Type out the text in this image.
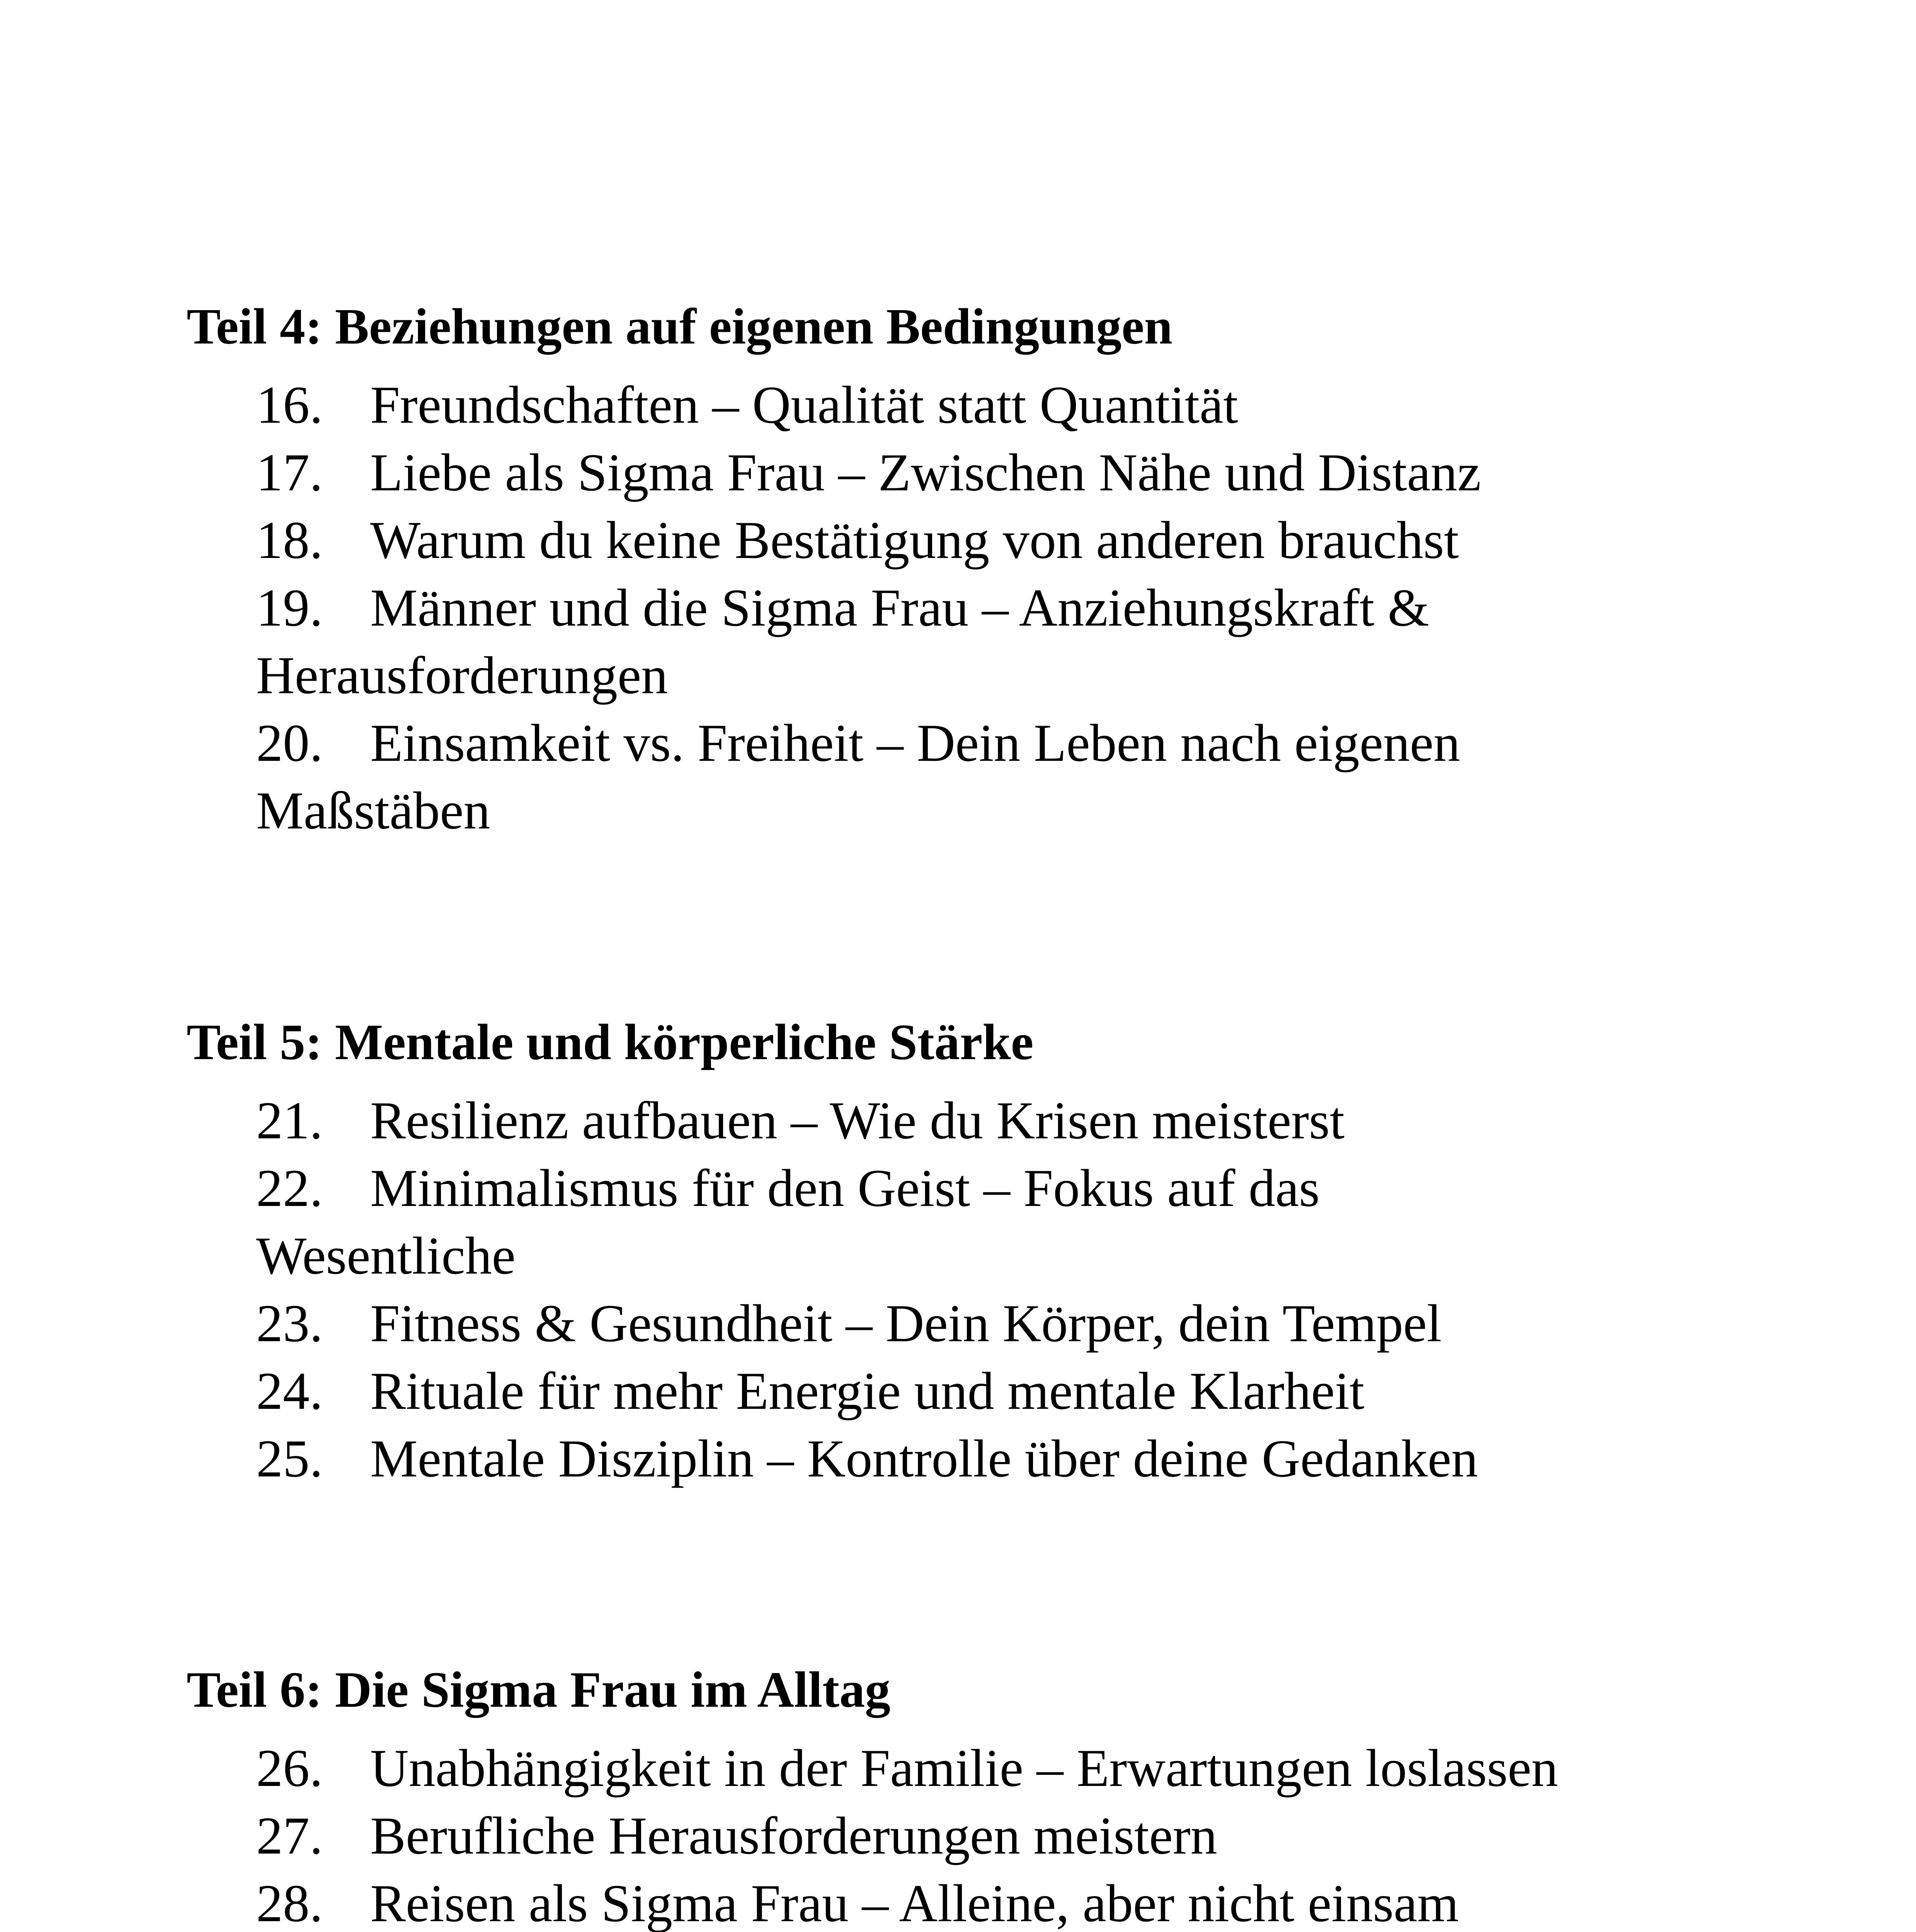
Teil 4: Beziehungen auf eigenen Bedingungen
16. Freundschaften – Qualität statt Quantität
17. Liebe als Sigma Frau – Zwischen Nähe und Distanz
18. Warum du keine Bestätigung von anderen brauchst
19. Männer und die Sigma Frau – Anziehungskraft &
Herausforderungen
20. Einsamkeit vs. Freiheit – Dein Leben nach eigenen
Maßstäben
Teil 5: Mentale und körperliche Stärke
21. Resilienz aufbauen – Wie du Krisen meisterst
22. Minimalismus für den Geist – Fokus auf das
Wesentliche
23. Fitness & Gesundheit – Dein Körper, dein Tempel
24. Rituale für mehr Energie und mentale Klarheit
25. Mentale Disziplin – Kontrolle über deine Gedanken
Teil 6: Die Sigma Frau im Alltag
26. Unabhängigkeit in der Familie – Erwartungen loslassen
27. Berufliche Herausforderungen meistern
28. Reisen als Sigma Frau – Alleine, aber nicht einsam
